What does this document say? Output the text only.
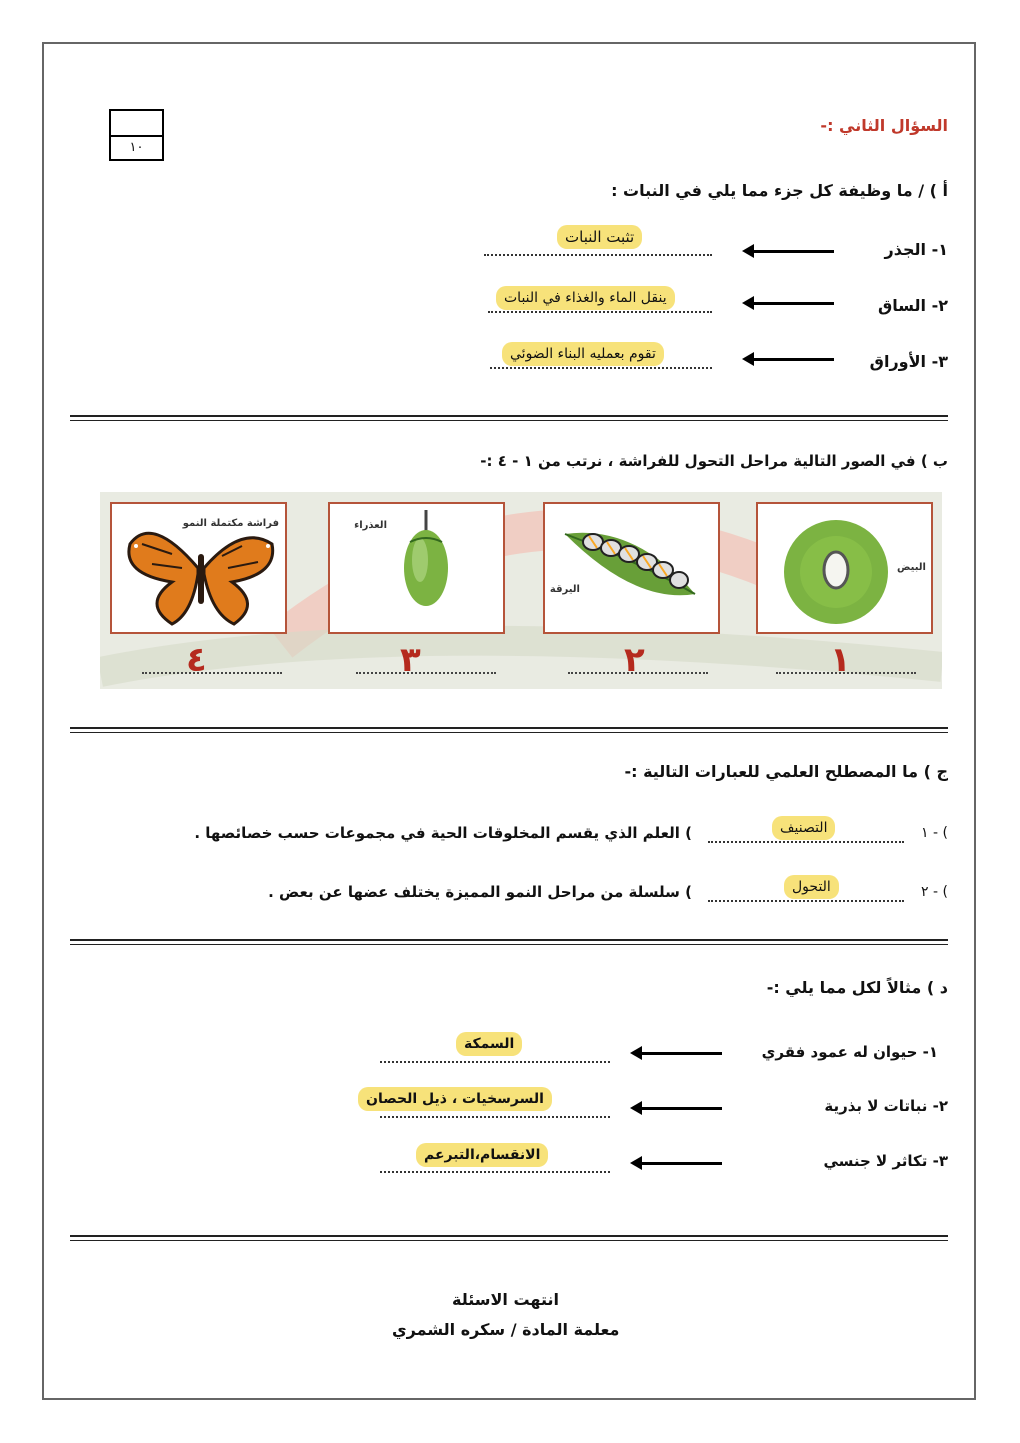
١٠
السؤال الثاني :-
أ ) / ما وظيفة كل جزء مما يلي في النبات :
١- الجذر
تثبت النبات
٢- الساق
ينقل الماء والغذاء في النبات
٣- الأوراق
تقوم بعمليه البناء الضوئي
ب ) في الصور التالية مراحل التحول للفراشة ، نرتب من ١ - ٤ :-
فراشة مكتملة النمو	العذراء
اليرقة
البيض
٤	٣	٢	١
ج ) ما المصطلح العلمي للعبارات التالية :-
١ - (
التصنيف
) العلم الذي يقسم المخلوقات الحية في مجموعات حسب خصائصها .
٢ - (
التحول
) سلسلة من مراحل النمو المميزة يختلف عضها عن بعض .
د ) مثالاً لكل مما يلي :-
١- حيوان له عمود فقري
السمكة
٢- نباتات لا بذرية
السرسخيات ، ذيل الحصان
٣- تكاثر لا جنسي
الانقسام،التبرعم
انتهت الاسئلة
معلمة المادة / سكره الشمري
